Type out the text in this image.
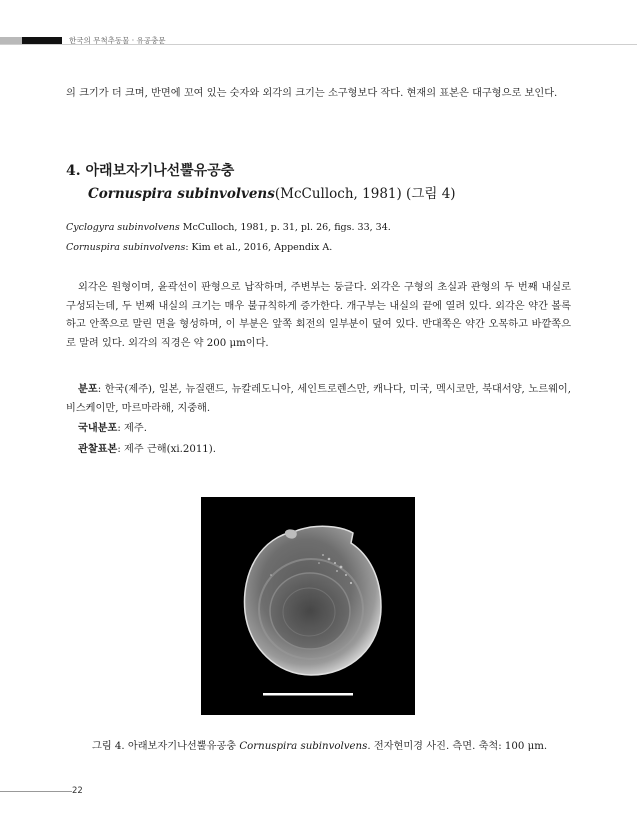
한국의 무척추동물 · 유공충문
의 크기가 더 크며, 반면에 꼬여 있는 숫자와 외각의 크기는 소구형보다 작다. 현재의 표본은 대구형으로 보인다.
4. 아래보자기나선뿔유공충
Cornuspira subinvolvens(McCulloch, 1981) (그림 4)
Cyclogyra subinvolvens McCulloch, 1981, p. 31, pl. 26, figs. 33, 34.
Cornuspira subinvolvens: Kim et al., 2016, Appendix A.
외각은 원형이며, 윤곽선이 판형으로 납작하며, 주변부는 둥글다. 외각은 구형의 초실과 관형의 두 번째 내실로 구성되는데, 두 번째 내실의 크기는 매우 불규칙하게 증가한다. 개구부는 내실의 끝에 열려 있다. 외각은 약간 볼록하고 안쪽으로 말린 면을 형성하며, 이 부분은 앞쪽 회전의 일부분이 덮여 있다. 반대쪽은 약간 오목하고 바깥쪽으로 말려 있다. 외각의 직경은 약 200 μm이다.
분포: 한국(제주), 일본, 뉴질랜드, 뉴칼레도니아, 세인트로렌스만, 캐나다, 미국, 멕시코만, 북대서양, 노르웨이, 비스케이만, 마르마라해, 지중해.
국내분포: 제주.
관찰표본: 제주 근해(xi.2011).
그림 4. 아래보자기나선뿔유공충 Cornuspira subinvolvens. 전자현미경 사진. 측면. 축척: 100 μm.
22
